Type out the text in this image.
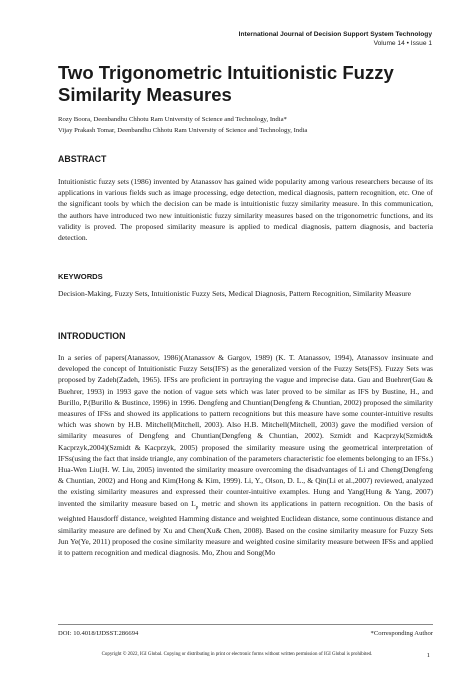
International Journal of Decision Support System Technology
Volume 14 • Issue 1
Two Trigonometric Intuitionistic Fuzzy Similarity Measures
Rozy Boora, Deenbandhu Chhotu Ram University of Science and Technology, India*
Vijay Prakash Tomar, Deenbandhu Chhotu Ram University of Science and Technology, India
ABSTRACT

Intuitionistic fuzzy sets (1986) invented by Atanassov has gained wide popularity among various researchers because of its applications in various fields such as image processing, edge detection, medical diagnosis, pattern recognition, etc. One of the significant tools by which the decision can be made is intuitionistic fuzzy similarity measure. In this communication, the authors have introduced two new intuitionistic fuzzy similarity measures based on the trigonometric functions, and its validity is proved. The proposed similarity measure is applied to medical diagnosis, pattern diagnosis, and bacteria detection.

KEYWORDS

Decision-Making, Fuzzy Sets, Intuitionistic Fuzzy Sets, Medical Diagnosis, Pattern Recognition, Similarity Measure

INTRODUCTION

In a series of papers(Atanassov, 1986)(Atanassov & Gargov, 1989) (K. T. Atanassov, 1994), Atanassov insinuate and developed the concept of Intuitionistic Fuzzy Sets(IFS) as the generalized version of the Fuzzy Sets(FS). Fuzzy Sets was proposed by Zadeh(Zadeh, 1965). IFSs are proficient in portraying the vague and imprecise data. Gau and Buehrer(Gau & Buehrer, 1993) in 1993 gave the notion of vague sets which was later proved to be similar as IFS by Bustine, H., and Burillo, P.(Burillo & Bustince, 1996) in 1996. Dengfeng and Chuntian(Dengfeng & Chuntian, 2002) proposed the similarity measures of IFSs and showed its applications to pattern recognitions but this measure have some counter-intuitive results which was shown by H.B. Mitchell(Mitchell, 2003). Also H.B. Mitchell(Mitchell, 2003) gave the modified version of similarity measures of Dengfeng and Chuntian(Dengfeng & Chuntian, 2002). Szmidt and Kacprzyk(Szmidt& Kacprzyk,2004)(Szmidt & Kacprzyk, 2005) proposed the similarity measure using the geometrical interpretation of IFSs(using the fact that inside triangle, any combination of the parameters characteristic foe elements belonging to an IFSs.) Hua-Wen Liu(H. W. Liu, 2005) invented the similarity measure overcoming the disadvantages of Li and Cheng(Dengfeng & Chuntian, 2002) and Hong and Kim(Hong & Kim, 1999). Li, Y., Olson, D. L., & Qin(Li et al.,2007) reviewed, analyzed the existing similarity measures and expressed their counter-intuitive examples. Hung and Yang(Hung & Yang, 2007) invented the similarity measure based on $L_p$ metric and shown its applications in pattern recognition. On the basis of weighted Hausdorff distance, weighted Hamming distance and weighted Euclidean distance, some continuous distance and similarity measure are defined by Xu and Chen(Xu& Chen, 2008). Based on the cosine similarity measure for Fuzzy Sets Jun Ye(Ye, 2011) proposed the cosine similarity measure and weighted cosine similarity measure between IFSs and applied it to pattern recognition and medical diagnosis. Mo, Zhou and Song(Mo

DOI: 10.4018/IJDSST.286694	*Corresponding Author
Copyright © 2022, IGI Global. Copying or distributing in print or electronic forms without written permission of IGI Global is prohibited.	1
